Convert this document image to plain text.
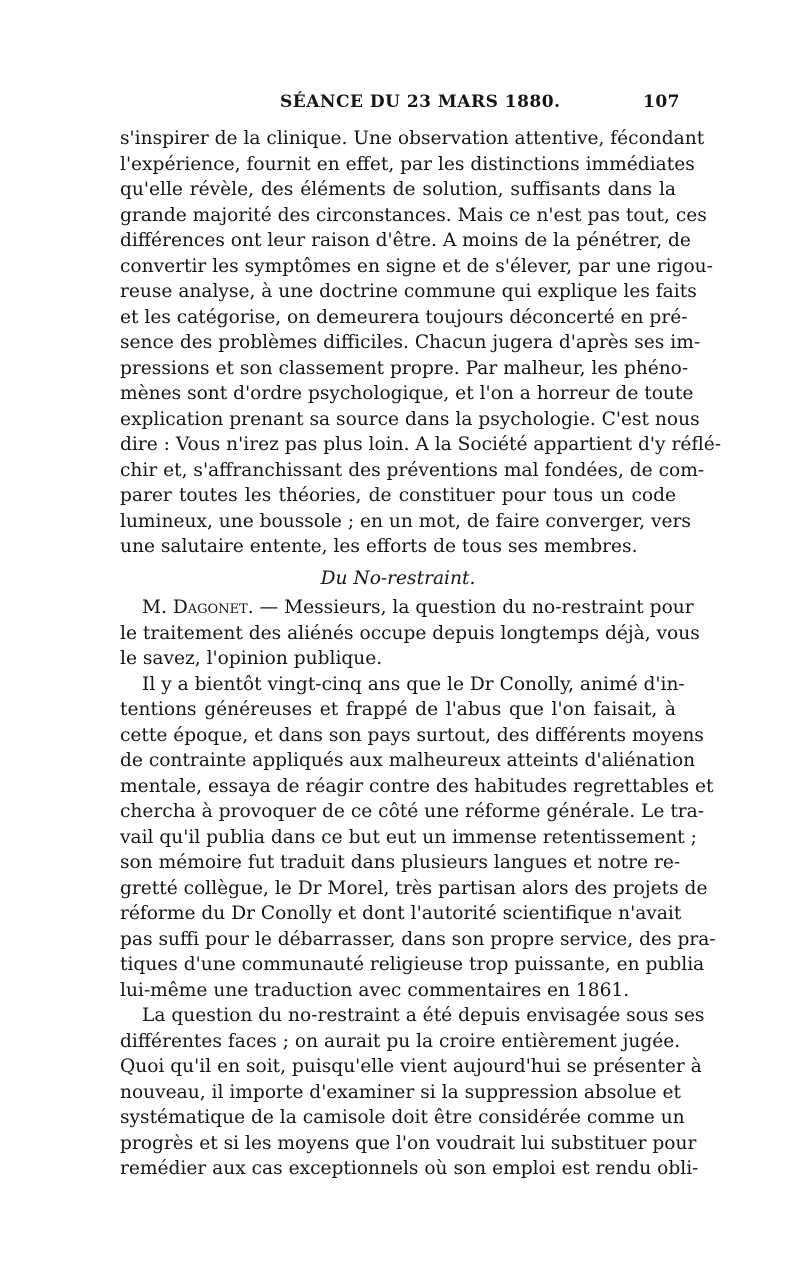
SÉANCE DU 23 MARS 1880.	107
s'inspirer de la clinique. Une observation attentive, fécondant
l'expérience, fournit en effet, par les distinctions immédiates
qu'elle révèle, des éléments de solution, suffisants dans la
grande majorité des circonstances. Mais ce n'est pas tout, ces
différences ont leur raison d'être. A moins de la pénétrer, de
convertir les symptômes en signe et de s'élever, par une rigou-
reuse analyse, à une doctrine commune qui explique les faits
et les catégorise, on demeurera toujours déconcerté en pré-
sence des problèmes difficiles. Chacun jugera d'après ses im-
pressions et son classement propre. Par malheur, les phéno-
mènes sont d'ordre psychologique, et l'on a horreur de toute
explication prenant sa source dans la psychologie. C'est nous
dire : Vous n'irez pas plus loin. A la Société appartient d'y réflé-
chir et, s'affranchissant des préventions mal fondées, de com-
parer toutes les théories, de constituer pour tous un code
lumineux, une boussole ; en un mot, de faire converger, vers
une salutaire entente, les efforts de tous ses membres.
Du No-restraint.
M. Dagonet. — Messieurs, la question du no-restraint pour
le traitement des aliénés occupe depuis longtemps déjà, vous
le savez, l'opinion publique.
Il y a bientôt vingt-cinq ans que le Dr Conolly, animé d'in-
tentions généreuses et frappé de l'abus que l'on faisait, à
cette époque, et dans son pays surtout, des différents moyens
de contrainte appliqués aux malheureux atteints d'aliénation
mentale, essaya de réagir contre des habitudes regrettables et
chercha à provoquer de ce côté une réforme générale. Le tra-
vail qu'il publia dans ce but eut un immense retentissement ;
son mémoire fut traduit dans plusieurs langues et notre re-
gretté collègue, le Dr Morel, très partisan alors des projets de
réforme du Dr Conolly et dont l'autorité scientifique n'avait
pas suffi pour le débarrasser, dans son propre service, des pra-
tiques d'une communauté religieuse trop puissante, en publia
lui-même une traduction avec commentaires en 1861.
La question du no-restraint a été depuis envisagée sous ses
différentes faces ; on aurait pu la croire entièrement jugée.
Quoi qu'il en soit, puisqu'elle vient aujourd'hui se présenter à
nouveau, il importe d'examiner si la suppression absolue et
systématique de la camisole doit être considérée comme un
progrès et si les moyens que l'on voudrait lui substituer pour
remédier aux cas exceptionnels où son emploi est rendu obli-
